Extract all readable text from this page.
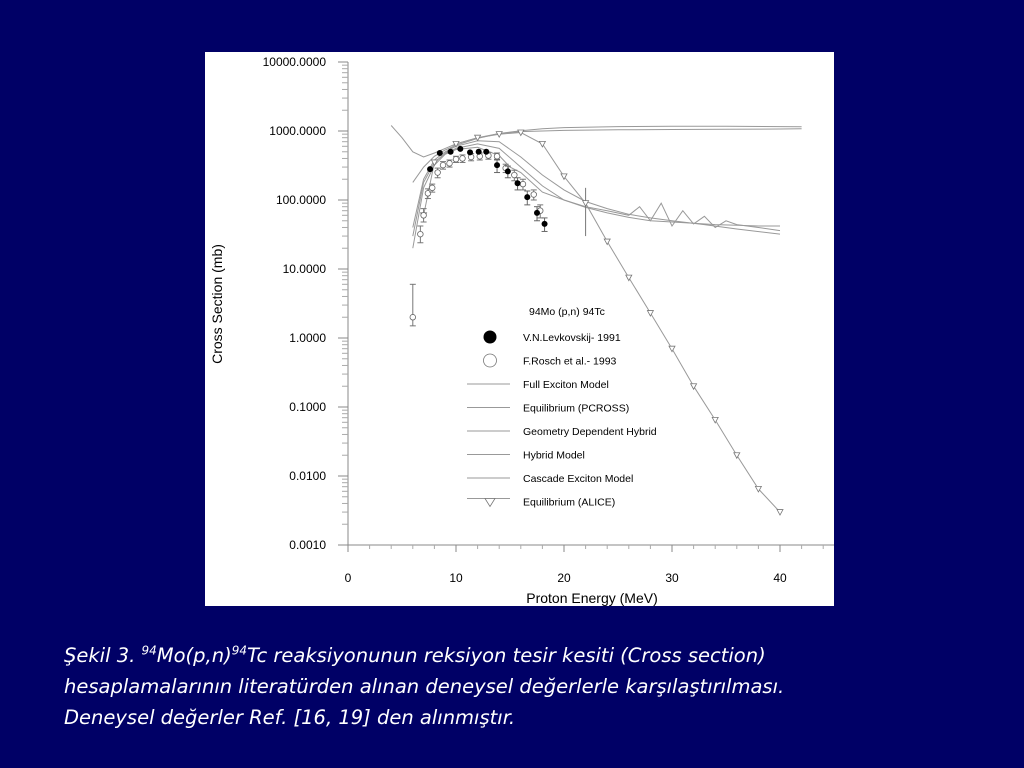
0	10	20	30	40
0.0010
0.0100
0.1000
1.0000
10.0000
100.0000
1000.0000
10000.0000
94Mo (p,n) 94Tc
V.N.Levkovskij- 1991
F.Rosch et al.- 1993
Full Exciton Model
Equilibrium (PCROSS)
Geometry Dependent Hybrid
Hybrid Model
Cascade Exciton Model
Equilibrium (ALICE)
Proton Energy (MeV)
Cross Section (mb)
Şekil 3. $^{94}Mo(p,n)^{94}Tc$ reaksiyonunun reksiyon tesir kesiti (Cross section)
hesaplamalarının literatürden alınan deneysel değerlerle karşılaştırılması.
Deneysel değerler Ref. [16, 19] den alınmıştır.
